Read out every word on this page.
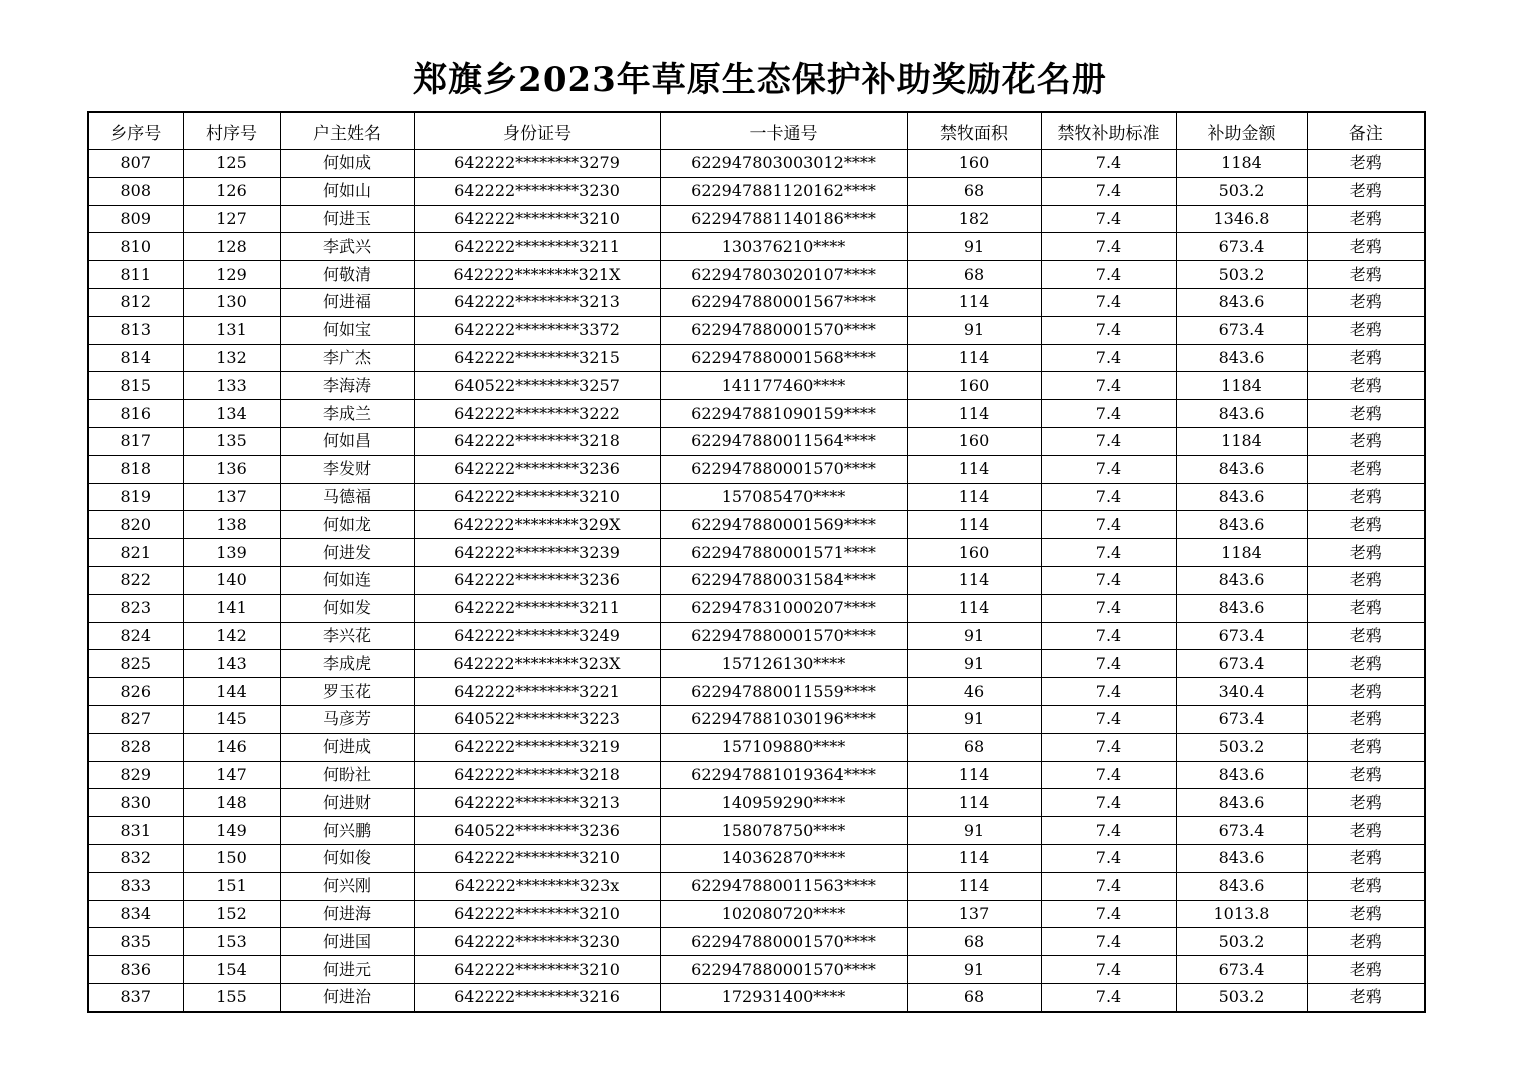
郑旗乡2023年草原生态保护补助奖励花名册
乡序号	村序号	户主姓名	身份证号	一卡通号	禁牧面积	禁牧补助标准	补助金额	备注
807	125	何如成	642222********3279	622947803003012****	160	7.4	1184	老鸦
808	126	何如山	642222********3230	622947881120162****	68	7.4	503.2	老鸦
809	127	何进玉	642222********3210	622947881140186****	182	7.4	1346.8	老鸦
810	128	李武兴	642222********3211	130376210****	91	7.4	673.4	老鸦
811	129	何敬清	642222********321X	622947803020107****	68	7.4	503.2	老鸦
812	130	何进福	642222********3213	622947880001567****	114	7.4	843.6	老鸦
813	131	何如宝	642222********3372	622947880001570****	91	7.4	673.4	老鸦
814	132	李广杰	642222********3215	622947880001568****	114	7.4	843.6	老鸦
815	133	李海涛	640522********3257	141177460****	160	7.4	1184	老鸦
816	134	李成兰	642222********3222	622947881090159****	114	7.4	843.6	老鸦
817	135	何如昌	642222********3218	622947880011564****	160	7.4	1184	老鸦
818	136	李发财	642222********3236	622947880001570****	114	7.4	843.6	老鸦
819	137	马德福	642222********3210	157085470****	114	7.4	843.6	老鸦
820	138	何如龙	642222********329X	622947880001569****	114	7.4	843.6	老鸦
821	139	何进发	642222********3239	622947880001571****	160	7.4	1184	老鸦
822	140	何如连	642222********3236	622947880031584****	114	7.4	843.6	老鸦
823	141	何如发	642222********3211	622947831000207****	114	7.4	843.6	老鸦
824	142	李兴花	642222********3249	622947880001570****	91	7.4	673.4	老鸦
825	143	李成虎	642222********323X	157126130****	91	7.4	673.4	老鸦
826	144	罗玉花	642222********3221	622947880011559****	46	7.4	340.4	老鸦
827	145	马彦芳	640522********3223	622947881030196****	91	7.4	673.4	老鸦
828	146	何进成	642222********3219	157109880****	68	7.4	503.2	老鸦
829	147	何盼社	642222********3218	622947881019364****	114	7.4	843.6	老鸦
830	148	何进财	642222********3213	140959290****	114	7.4	843.6	老鸦
831	149	何兴鹏	640522********3236	158078750****	91	7.4	673.4	老鸦
832	150	何如俊	642222********3210	140362870****	114	7.4	843.6	老鸦
833	151	何兴刚	642222********323x	622947880011563****	114	7.4	843.6	老鸦
834	152	何进海	642222********3210	102080720****	137	7.4	1013.8	老鸦
835	153	何进国	642222********3230	622947880001570****	68	7.4	503.2	老鸦
836	154	何进元	642222********3210	622947880001570****	91	7.4	673.4	老鸦
837	155	何进治	642222********3216	172931400****	68	7.4	503.2	老鸦
